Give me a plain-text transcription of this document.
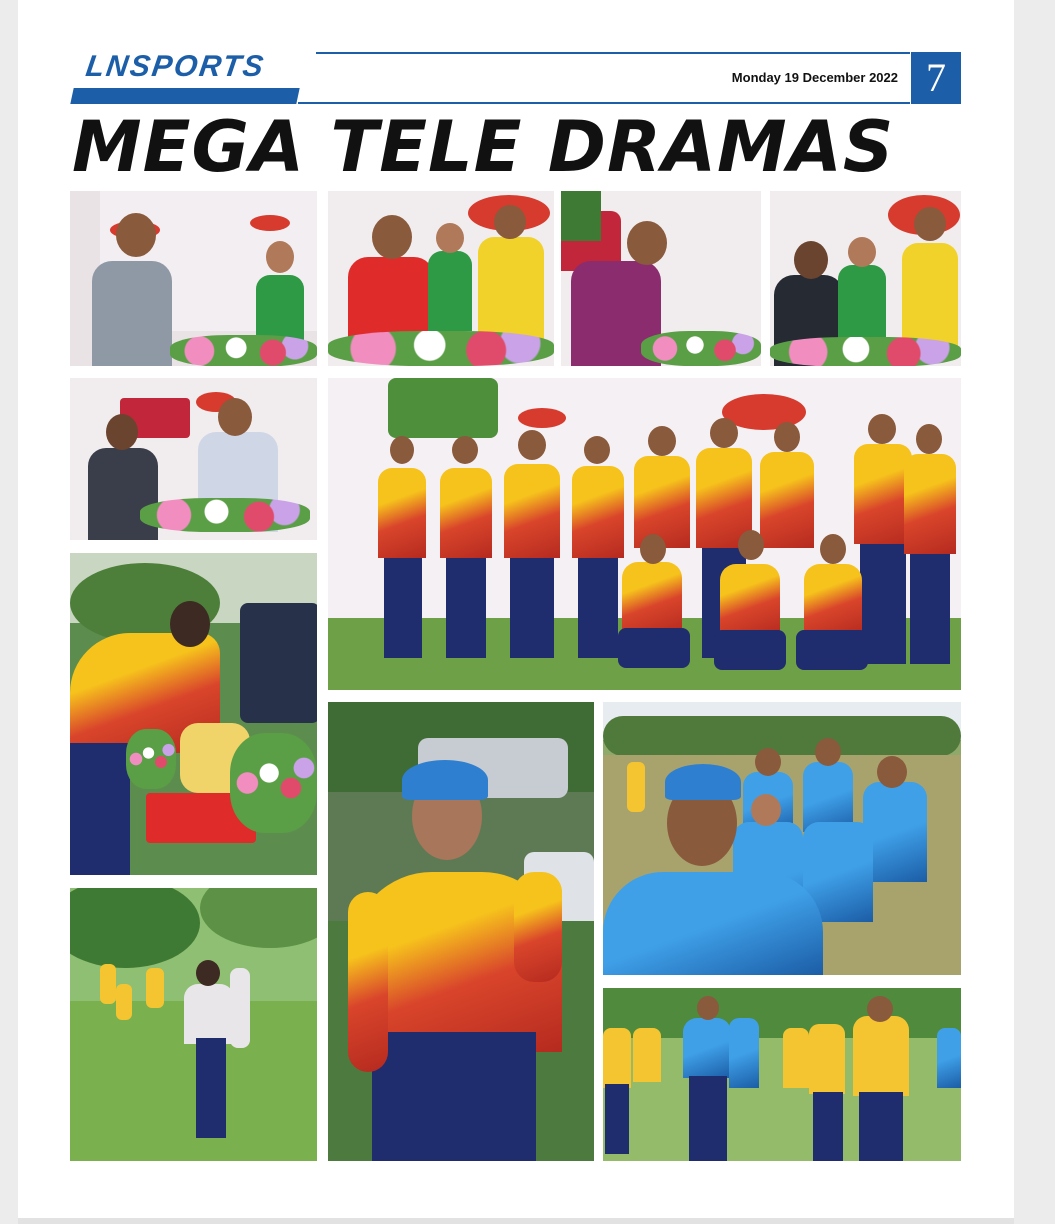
LNSPORTS	Monday 19 December 2022 7
MEGA TELE DRAMAS
